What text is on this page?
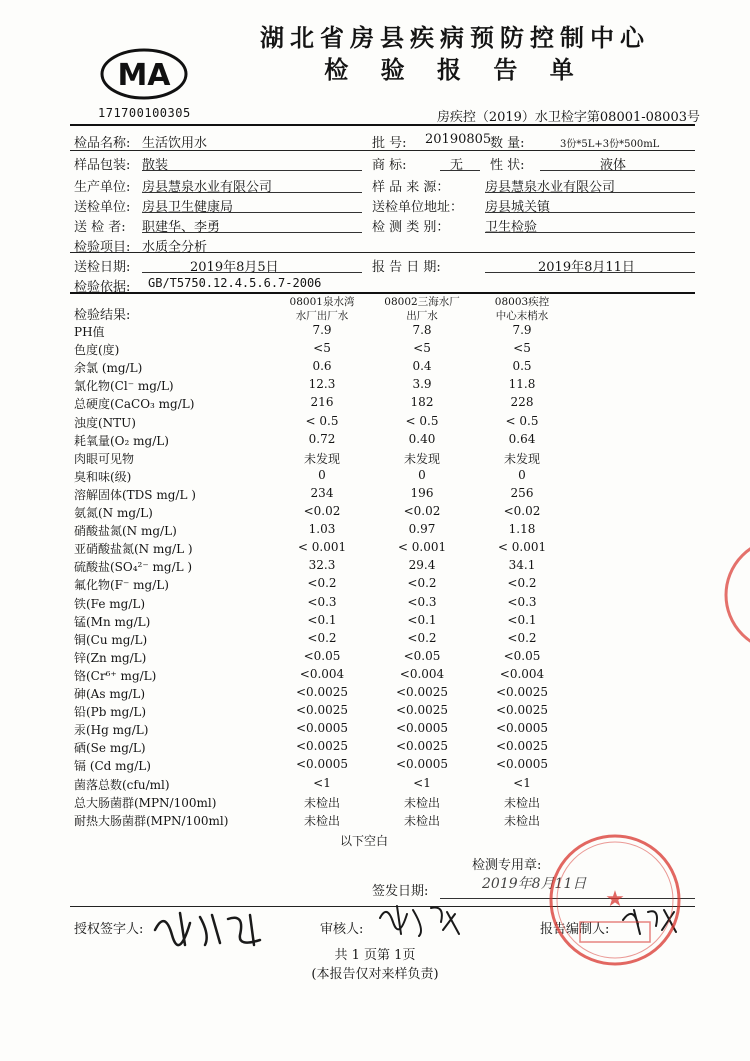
MA
171700100305
湖北省房县疾病预防控制中心
检 验 报 告 单
房疾控（2019）水卫检字第08001-08003号
检品名称: 生活饮用水	批 号: 20190805
数 量:	3份*5L+3份*500mL
样品包装: 散装	商 标:	无 性 状:	液体
生产单位: 房县慧泉水业有限公司	样 品 来 源：	房县慧泉水业有限公司
送检单位: 房县卫生健康局	送检单位地址： 房县城关镇
送 检 者: 职建华、李勇	检 测 类 别：	卫生检验
检验项目: 水质全分析
送检日期:	2019年8月5日	报 告 日 期:	2019年8月11日
检验依据: GB/T5750.12.4.5.6.7-2006
检验结果:
08001泉水湾
水厂出厂水
08002三海水厂
出厂水
08003疾控
中心末梢水
PH值	7.9	7.8	7.9
色度(度)	<5	<5	<5
余氯 (mg/L)	0.6	0.4	0.5
氯化物(Cl⁻ mg/L)	12.3	3.9	11.8
总硬度(CaCO₃ mg/L)	216	182	228
浊度(NTU)	< 0.5	< 0.5	< 0.5
耗氧量(O₂ mg/L)	0.72	0.40	0.64
肉眼可见物	未发现	未发现	未发现
臭和味(级)	0	0	0
溶解固体(TDS mg/L )	234	196	256
氨氮(N mg/L)	<0.02	<0.02	<0.02
硝酸盐氮(N mg/L)	1.03	0.97	1.18
亚硝酸盐氮(N mg/L )	< 0.001	< 0.001	< 0.001
硫酸盐(SO₄²⁻ mg/L )	32.3	29.4	34.1
氟化物(F⁻ mg/L)	<0.2	<0.2	<0.2
铁(Fe mg/L)	<0.3	<0.3	<0.3
锰(Mn mg/L)	<0.1	<0.1	<0.1
铜(Cu mg/L)	<0.2	<0.2	<0.2
锌(Zn mg/L)	<0.05	<0.05	<0.05
铬(Cr⁶⁺ mg/L)	<0.004	<0.004	<0.004
砷(As mg/L)	<0.0025	<0.0025	<0.0025
铅(Pb mg/L)	<0.0025	<0.0025	<0.0025
汞(Hg mg/L)	<0.0005	<0.0005	<0.0005
硒(Se mg/L)	<0.0025	<0.0025	<0.0025
镉 (Cd mg/L)	<0.0005	<0.0005	<0.0005
菌落总数(cfu/ml)	<1	<1	<1
总大肠菌群(MPN/100ml)	未检出	未检出	未检出
耐热大肠菌群(MPN/100ml)	未检出	未检出	未检出
以下空白
检测专用章:
签发日期:	2019年8月11日
授权签字人:	审核人:	报告编制人:
共 1 页第 1页
(本报告仅对来样负责)
★
